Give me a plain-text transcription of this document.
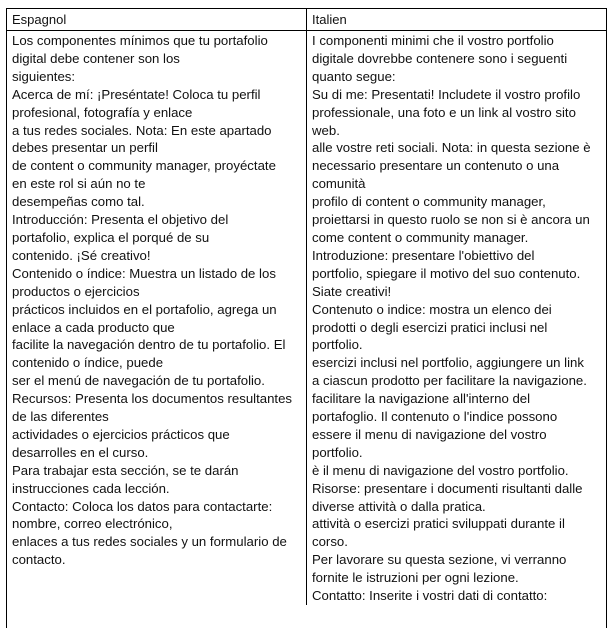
Espagnol	Italien
Los componentes mínimos que tu portafolio
digital debe contener son los
siguientes:
Acerca de mí: ¡Preséntate! Coloca tu perfil
profesional, fotografía y enlace
a tus redes sociales. Nota: En este apartado
debes presentar un perfil
de content o community manager, proyéctate
en este rol si aún no te
desempeñas como tal.
Introducción: Presenta el objetivo del
portafolio, explica el porqué de su
contenido. ¡Sé creativo!
Contenido o índice: Muestra un listado de los
productos o ejercicios
prácticos incluidos en el portafolio, agrega un
enlace a cada producto que
facilite la navegación dentro de tu portafolio. El
contenido o índice, puede
ser el menú de navegación de tu portafolio.
Recursos: Presenta los documentos resultantes
de las diferentes
actividades o ejercicios prácticos que
desarrolles en el curso.
Para trabajar esta sección, se te darán
instrucciones cada lección.
Contacto: Coloca los datos para contactarte:
nombre, correo electrónico,
enlaces a tus redes sociales y un formulario de
contacto.
I componenti minimi che il vostro portfolio
digitale dovrebbe contenere sono i seguenti
quanto segue:
Su di me: Presentati! Includete il vostro profilo
professionale, una foto e un link al vostro sito
web.
alle vostre reti sociali. Nota: in questa sezione è
necessario presentare un contenuto o una
comunità
profilo di content o community manager,
proiettarsi in questo ruolo se non si è ancora un
come content o community manager.
Introduzione: presentare l'obiettivo del
portfolio, spiegare il motivo del suo contenuto.
Siate creativi!
Contenuto o indice: mostra un elenco dei
prodotti o degli esercizi pratici inclusi nel
portfolio.
esercizi inclusi nel portfolio, aggiungere un link
a ciascun prodotto per facilitare la navigazione.
facilitare la navigazione all'interno del
portafoglio. Il contenuto o l'indice possono
essere il menu di navigazione del vostro
portfolio.
è il menu di navigazione del vostro portfolio.
Risorse: presentare i documenti risultanti dalle
diverse attività o dalla pratica.
attività o esercizi pratici sviluppati durante il
corso.
Per lavorare su questa sezione, vi verranno
fornite le istruzioni per ogni lezione.
Contatto: Inserite i vostri dati di contatto:
